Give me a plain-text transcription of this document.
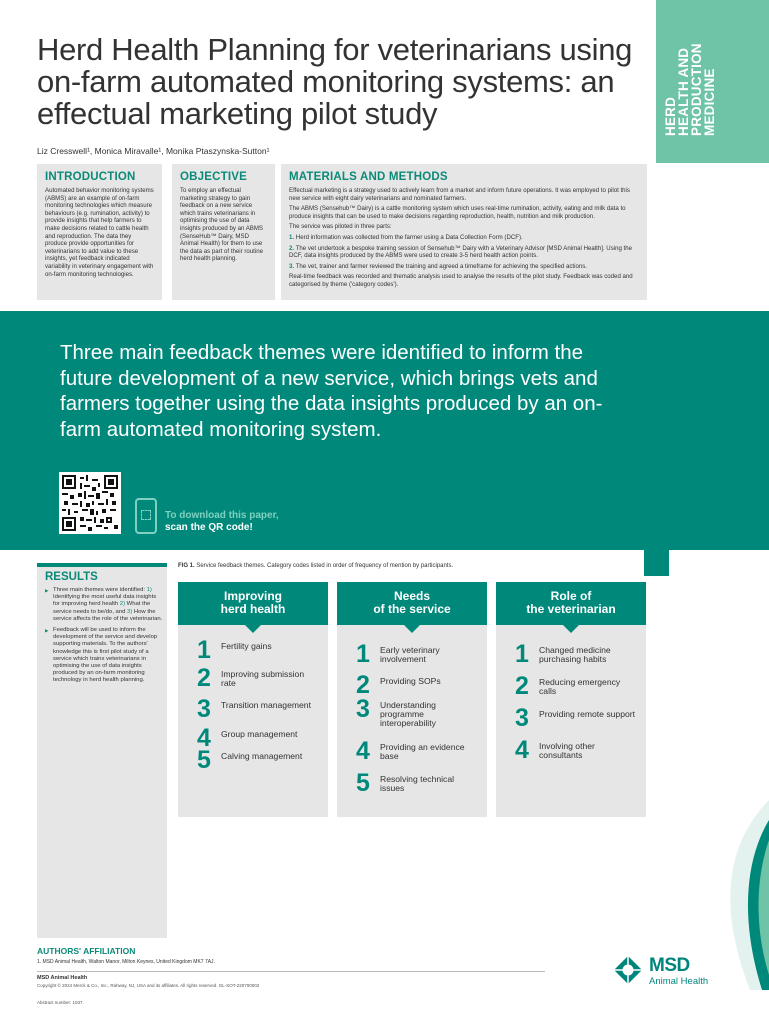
HERD
HEALTH AND
PRODUCTION
MEDICINE
Herd Health Planning for veterinarians using on-farm automated monitoring systems: an effectual marketing pilot study
Liz Cresswell¹, Monica Miravalle¹, Monika Ptaszynska-Sutton¹
INTRODUCTION

Automated behavior monitoring systems (ABMS) are an example of on-farm monitoring technologies which measure behaviours (e.g. rumination, activity) to provide insights that help farmers to make decisions related to cattle health and reproduction. The data they produce provide opportunities for veterinarians to add value to these insights, yet feedback indicated variability in veterinary engagement with on-farm monitoring technologies.

OBJECTIVE

To employ an effectual marketing strategy to gain feedback on a new service which trains veterinarians in optimising the use of data insights produced by an ABMS (SenseHub™ Dairy, MSD Animal Health) for them to use the data as part of their routine herd health planning.

MATERIALS AND METHODS

Effectual marketing is a strategy used to actively learn from a market and inform future operations. It was employed to pilot this new service with eight dairy veterinarians and nominated farmers.

The ABMS (Sensehub™ Dairy) is a cattle monitoring system which uses real-time rumination, activity, eating and milk data to produce insights that can be used to make decisions regarding reproduction, health, nutrition and milk production.

The service was piloted in three parts:

1. Herd information was collected from the farmer using a Data Collection Form (DCF).

2. The vet undertook a bespoke training session of Sensehub™ Dairy with a Veterinary Advisor [MSD Animal Health]. Using the DCF, data insights produced by the ABMS were used to create 3-5 herd health action points.

3. The vet, trainer and farmer reviewed the training and agreed a timeframe for achieving the specified actions.

Real-time feedback was recorded and thematic analysis used to analyse the results of the pilot study. Feedback was coded and categorised by theme ('category codes').

Three main feedback themes were identified to inform the future development of a new service, which brings vets and farmers together using the data insights produced by an on-farm automated monitoring system.
To download this paper,
scan the QR code!
RESULTS
▶ Three main themes were identified: 1) Identifying the most useful data insights for improving herd health 2) What the service needs to be/do, and 3) How the service affects the role of the veterinarian.
▶ Feedback will be used to inform the development of the service and develop supporting materials. To the authors' knowledge this is first pilot study of a service which trains veterinarians in optimising the use of data insights produced by an on-farm monitoring technology in herd health planning.
FIG 1. Service feedback themes. Category codes listed in order of frequency of mention by participants.
Improving
herd health
1	Fertility gains
2	Improving submission rate
3	Transition management
4	Group management
5	Calving management
Needs
of the service
1	Early veterinary involvement
2	Providing SOPs
3	Understanding programme interoperability
4	Providing an evidence base
5	Resolving technical issues
Role of
the veterinarian
1	Changed medicine purchasing habits
2	Reducing emergency calls
3	Providing remote support
4	Involving other consultants
AUTHORS' AFFILIATION
1. MSD Animal Health, Walton Manor, Milton Keynes, United Kingdom MK7 7AJ.
MSD Animal Health
Copyright © 2024 Merck & Co., Inc., Rahway, NJ, USA and its affiliates. All rights reserved. GL-SOT-220700002
Abstract number: 1037.
MSD
Animal Health
